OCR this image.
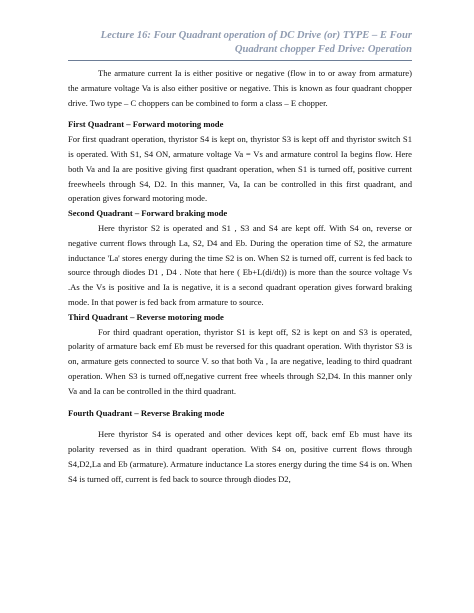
Lecture 16: Four Quadrant operation of DC Drive (or) TYPE – E Four
Quadrant chopper Fed Drive: Operation

The armature current Ia is either positive or negative (flow in to or away from armature) the armature voltage Va is also either positive or negative. This is known as four quadrant chopper drive. Two type – C choppers can be combined to form a class – E chopper.

First Quadrant – Forward motoring mode

For first quadrant operation, thyristor S4 is kept on, thyristor S3 is kept off and thyristor switch S1 is operated. With S1, S4 ON, armature voltage Va = Vs and armature control Ia begins flow. Here both Va and Ia are positive giving first quadrant operation, when S1 is turned off, positive current freewheels through S4, D2. In this manner, Va, Ia can be controlled in this first quadrant, and operation gives forward motoring mode.

Second Quadrant – Forward braking mode

Here thyristor S2 is operated and S1 , S3 and S4 are kept off. With S4 on, reverse or negative current flows through La, S2, D4 and Eb. During the operation time of S2, the armature inductance 'La' stores energy during the time S2 is on. When S2 is turned off, current is fed back to source through diodes D1 , D4 . Note that here ( Eb+L(di/dt)) is more than the source voltage Vs .As the Vs is positive and Ia is negative, it is a second quadrant operation gives forward braking mode. In that power is fed back from armature to source.

Third Quadrant – Reverse motoring mode

For third quadrant operation, thyristor S1 is kept off, S2 is kept on and S3 is operated, polarity of armature back emf Eb must be reversed for this quadrant operation. With thyristor S3 is on, armature gets connected to source V. so that both Va , Ia are negative, leading to third quadrant operation. When S3 is turned off,negative current free wheels through S2,D4. In this manner only Va and Ia can be controlled in the third quadrant.

Fourth Quadrant – Reverse Braking mode

Here thyristor S4 is operated and other devices kept off, back emf Eb must have its polarity reversed as in third quadrant operation. With S4 on, positive current flows through S4,D2,La and Eb (armature). Armature inductance La stores energy during the time S4 is on. When S4 is turned off, current is fed back to source through diodes D2,
